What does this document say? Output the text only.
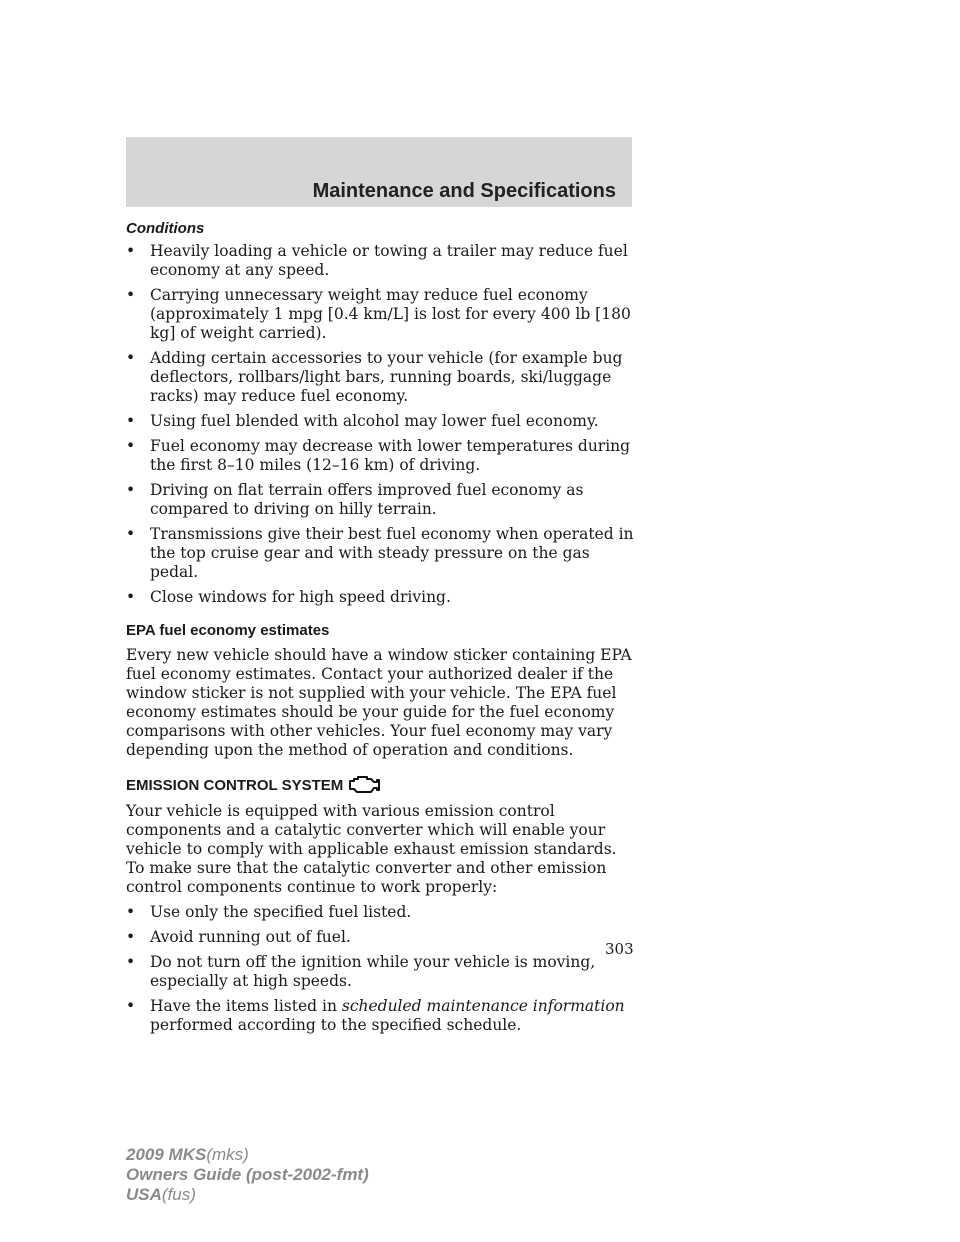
Maintenance and Specifications
Conditions
• Heavily loading a vehicle or towing a trailer may reduce fuel economy at any speed.
• Carrying unnecessary weight may reduce fuel economy (approximately 1 mpg [0.4 km/L] is lost for every 400 lb [180 kg] of weight carried).
• Adding certain accessories to your vehicle (for example bug deflectors, rollbars/light bars, running boards, ski/luggage racks) may reduce fuel economy.
• Using fuel blended with alcohol may lower fuel economy.
• Fuel economy may decrease with lower temperatures during the first 8–10 miles (12–16 km) of driving.
• Driving on flat terrain offers improved fuel economy as compared to driving on hilly terrain.
• Transmissions give their best fuel economy when operated in the top cruise gear and with steady pressure on the gas pedal.
• Close windows for high speed driving.
EPA fuel economy estimates

Every new vehicle should have a window sticker containing EPA fuel economy estimates. Contact your authorized dealer if the window sticker is not supplied with your vehicle. The EPA fuel economy estimates should be your guide for the fuel economy comparisons with other vehicles. Your fuel economy may vary depending upon the method of operation and conditions.

EMISSION CONTROL SYSTEM

Your vehicle is equipped with various emission control components and a catalytic converter which will enable your vehicle to comply with applicable exhaust emission standards. To make sure that the catalytic converter and other emission control components continue to work properly:

• Use only the specified fuel listed.
• Avoid running out of fuel.
• Do not turn off the ignition while your vehicle is moving, especially at high speeds.
• Have the items listed in scheduled maintenance information performed according to the specified schedule.
303
2009 MKS(mks)
Owners Guide (post-2002-fmt)
USA(fus)
